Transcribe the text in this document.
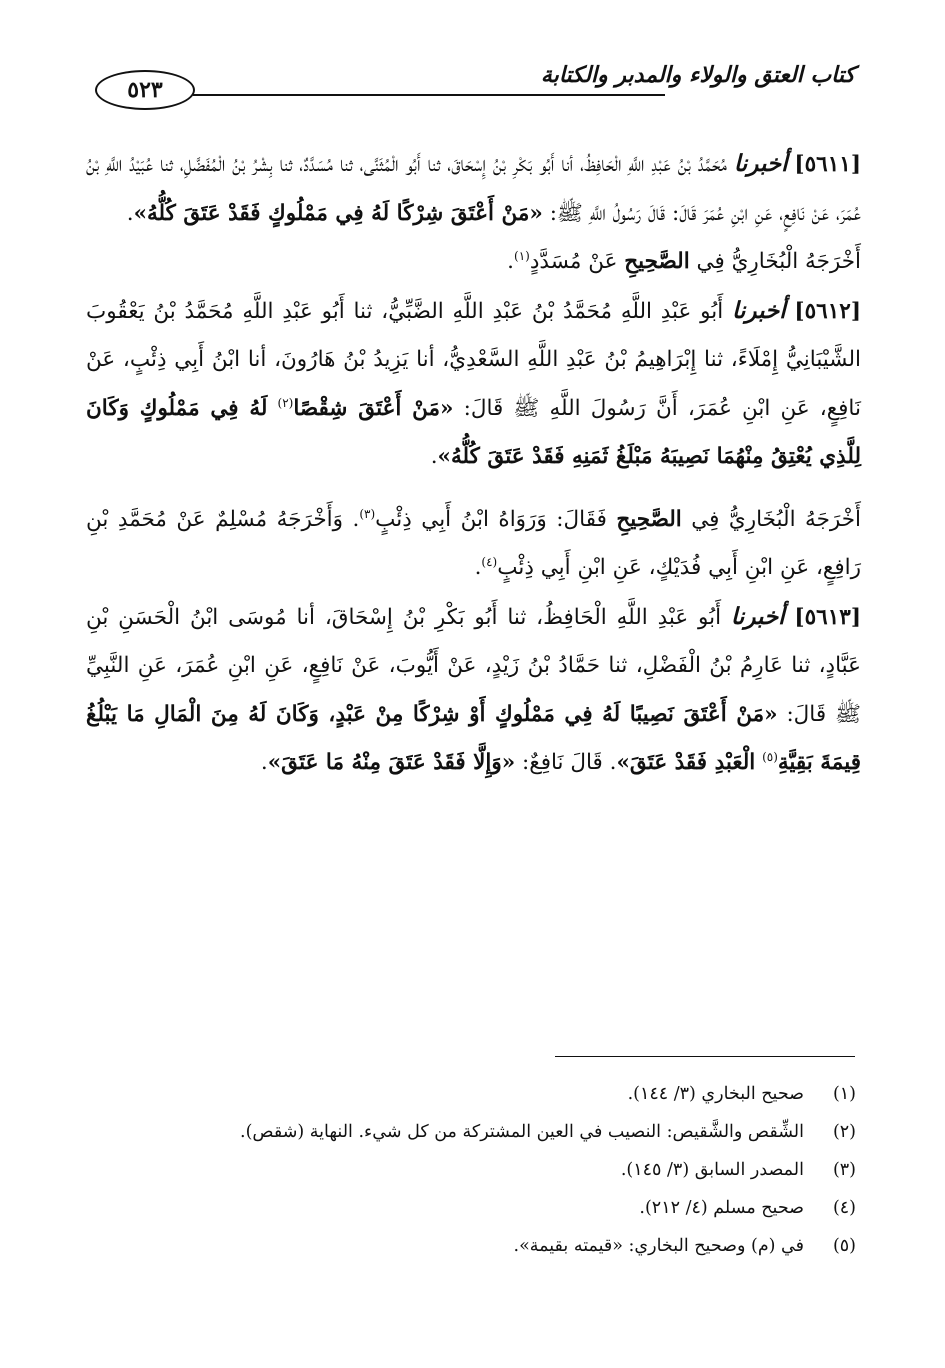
كتاب العتق والولاء والمدبر والكتابة
٥٢٣

[٥٦١١] أخبرنا مُحَمَّدُ بْنُ عَبْدِ اللَّهِ الْحَافِظُ، أنا أَبُو بَكْرِ بْنُ إِسْحَاقَ، ثنا أَبُو الْمُثَنَّى، ثنا مُسَدَّدٌ، ثنا بِشْرُ بْنُ الْمُفَضَّلِ، ثنا عُبَيْدُ اللَّهِ بْنُ عُمَرَ، عَنْ نَافِعٍ، عَنِ ابْنِ عُمَرَ قَالَ: قَالَ رَسُولُ اللَّهِ ﷺ: «مَنْ أَعْتَقَ شِرْكًا لَهُ فِي مَمْلُوكٍ فَقَدْ عَتَقَ كُلُّهُ».

أَخْرَجَهُ الْبُخَارِيُّ فِي الصَّحِيحِ عَنْ مُسَدَّدٍ$^{(١)}$.

[٥٦١٢] أخبرنا أَبُو عَبْدِ اللَّهِ مُحَمَّدُ بْنُ عَبْدِ اللَّهِ الضَّبِّيُّ، ثنا أَبُو عَبْدِ اللَّهِ مُحَمَّدُ بْنُ يَعْقُوبَ الشَّيْبَانِيُّ إِمْلَاءً، ثنا إِبْرَاهِيمُ بْنُ عَبْدِ اللَّهِ السَّعْدِيُّ، أنا يَزِيدُ بْنُ هَارُونَ، أنا ابْنُ أَبِي ذِئْبٍ، عَنْ نَافِعٍ، عَنِ ابْنِ عُمَرَ، أَنَّ رَسُولَ اللَّهِ ﷺ قَالَ: «مَنْ أَعْتَقَ شِقْصًا$^{(٢)}$ لَهُ فِي مَمْلُوكٍ وَكَانَ لِلَّذِي يُعْتِقُ مِنْهُمَا نَصِيبَهُ مَبْلَغُ ثَمَنِهِ فَقَدْ عَتَقَ كُلُّهُ».

أَخْرَجَهُ الْبُخَارِيُّ فِي الصَّحِيحِ فَقَالَ: وَرَوَاهُ ابْنُ أَبِي ذِئْبٍ$^{(٣)}$. وَأَخْرَجَهُ مُسْلِمٌ عَنْ مُحَمَّدِ بْنِ رَافِعٍ، عَنِ ابْنِ أَبِي فُدَيْكٍ، عَنِ ابْنِ أَبِي ذِئْبٍ$^{(٤)}$.

[٥٦١٣] أخبرنا أَبُو عَبْدِ اللَّهِ الْحَافِظُ، ثنا أَبُو بَكْرِ بْنُ إِسْحَاقَ، أنا مُوسَى ابْنُ الْحَسَنِ بْنِ عَبَّادٍ، ثنا عَارِمُ بْنُ الْفَضْلِ، ثنا حَمَّادُ بْنُ زَيْدٍ، عَنْ أَيُّوبَ، عَنْ نَافِعٍ، عَنِ ابْنِ عُمَرَ، عَنِ النَّبِيِّ ﷺ قَالَ: «مَنْ أَعْتَقَ نَصِيبًا لَهُ فِي مَمْلُوكٍ أَوْ شِرْكًا مِنْ عَبْدٍ، وَكَانَ لَهُ مِنَ الْمَالِ مَا يَبْلُغُ قِيمَةَ بَقِيَّةِ$^{(٥)}$ الْعَبْدِ فَقَدْ عَتَقَ». قَالَ نَافِعٌ: «وَإِلَّا فَقَدْ عَتَقَ مِنْهُ مَا عَتَقَ».

(١)
صحيح البخاري (٣/ ١٤٤).
(٢)
الشِّقص والشَّقيص: النصيب في العين المشتركة من كل شيء. النهاية (شقص).
(٣)
المصدر السابق (٣/ ١٤٥).
(٤)
صحيح مسلم (٤/ ٢١٢).
(٥)
في (م) وصحيح البخاري: «قيمته بقيمة».
